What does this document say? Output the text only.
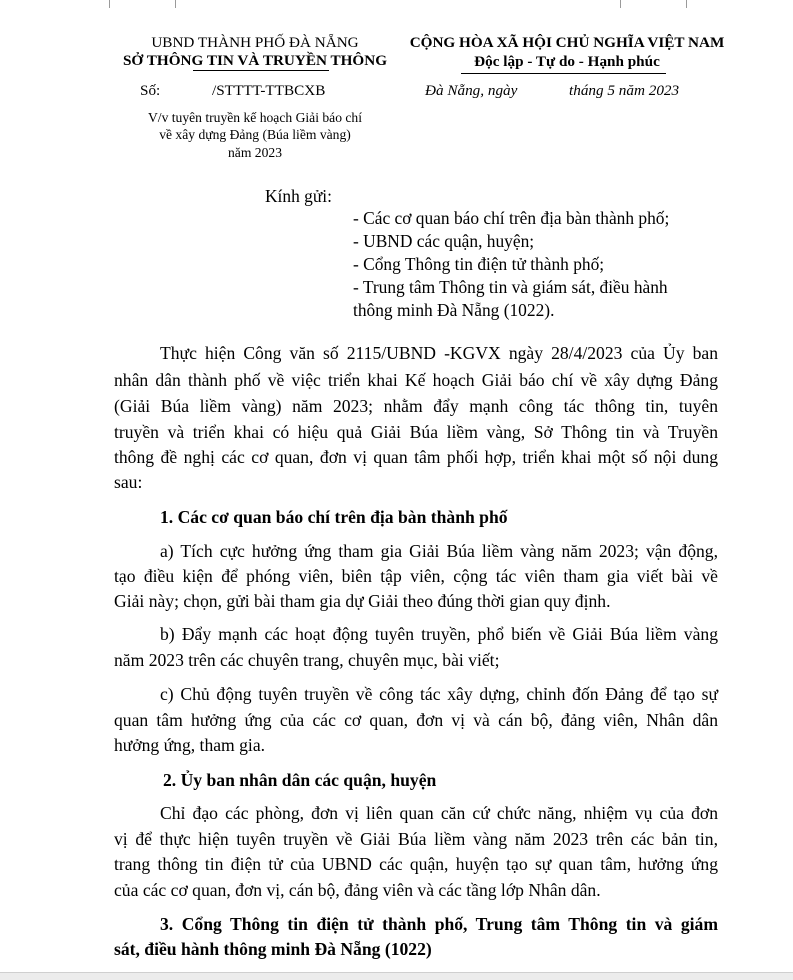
UBND THÀNH PHỐ ĐÀ NẴNG
SỞ THÔNG TIN VÀ TRUYỀN THÔNG
Số:	/STTTT-TTBCXB
V/v tuyên truyền kế hoạch Giải báo chí
về xây dựng Đảng (Búa liềm vàng)
năm 2023
CỘNG HÒA XÃ HỘI CHỦ NGHĨA VIỆT NAM
Độc lập - Tự do - Hạnh phúc
Đà Nẵng, ngày	tháng 5 năm 2023
Kính gửi:
- Các cơ quan báo chí trên địa bàn thành phố;
- UBND các quận, huyện;
- Cổng Thông tin điện tử thành phố;
- Trung tâm Thông tin và giám sát, điều hành
thông minh Đà Nẵng (1022).
Thực hiện Công văn số 2115/UBND -KGVX ngày 28/4/2023 của Ủy ban
nhân dân thành phố về việc triển khai Kế hoạch Giải báo chí về xây dựng Đảng
(Giải Búa liềm vàng) năm 2023; nhằm đẩy mạnh công tác thông tin, tuyên
truyền và triển khai có hiệu quả Giải Búa liềm vàng, Sở Thông tin và Truyền
thông đề nghị các cơ quan, đơn vị quan tâm phối hợp, triển khai một số nội dung
sau:
1. Các cơ quan báo chí trên địa bàn thành phố
a) Tích cực hưởng ứng tham gia Giải Búa liềm vàng năm 2023; vận động,
tạo điều kiện để phóng viên, biên tập viên, cộng tác viên tham gia viết bài về
Giải này; chọn, gửi bài tham gia dự Giải theo đúng thời gian quy định.
b) Đẩy mạnh các hoạt động tuyên truyền, phổ biến về Giải Búa liềm vàng
năm 2023 trên các chuyên trang, chuyên mục, bài viết;
c) Chủ động tuyên truyền về công tác xây dựng, chỉnh đốn Đảng để tạo sự
quan tâm hưởng ứng của các cơ quan, đơn vị và cán bộ, đảng viên, Nhân dân
hưởng ứng, tham gia.
2. Ủy ban nhân dân các quận, huyện
Chỉ đạo các phòng, đơn vị liên quan căn cứ chức năng, nhiệm vụ của đơn
vị để thực hiện tuyên truyền về Giải Búa liềm vàng năm 2023 trên các bản tin,
trang thông tin điện tử của UBND các quận, huyện tạo sự quan tâm, hưởng ứng
của các cơ quan, đơn vị, cán bộ, đảng viên và các tầng lớp Nhân dân.
3. Cổng Thông tin điện tử thành phố, Trung tâm Thông tin và giám
sát, điều hành thông minh Đà Nẵng (1022)
